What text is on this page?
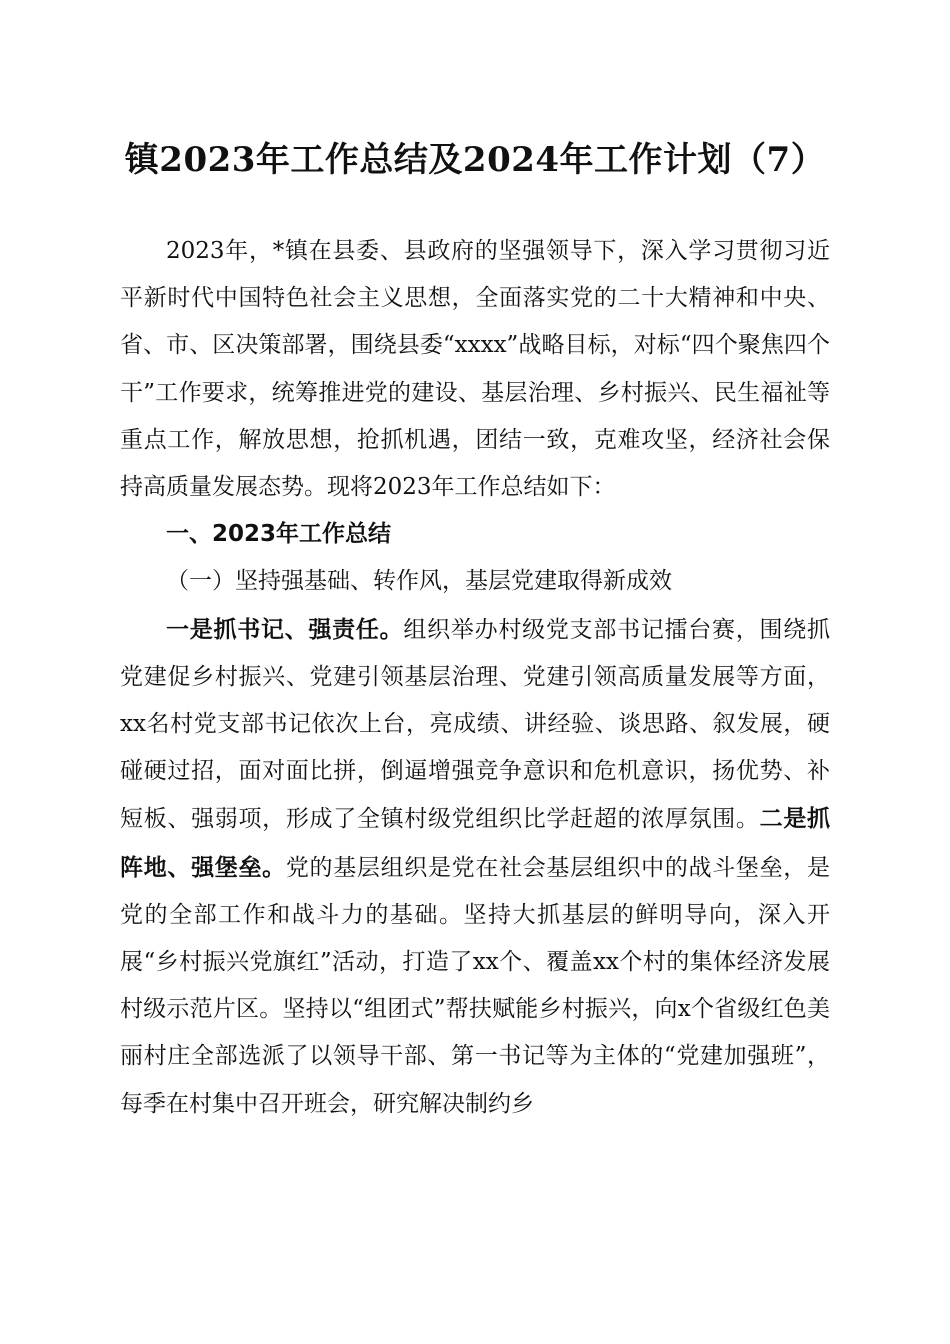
镇2023年工作总结及2024年工作计划（7）

2023年，*镇在县委、县政府的坚强领导下，深入学习贯彻习近平新时代中国特色社会主义思想，全面落实党的二十大精神和中央、省、市、区决策部署，围绕县委“xxxx”战略目标，对标“四个聚焦四个干”工作要求，统筹推进党的建设、基层治理、乡村振兴、民生福祉等重点工作，解放思想，抢抓机遇，团结一致，克难攻坚，经济社会保持高质量发展态势。现将2023年工作总结如下：

一、2023年工作总结

（一）坚持强基础、转作风，基层党建取得新成效

一是抓书记、强责任。组织举办村级党支部书记擂台赛，围绕抓党建促乡村振兴、党建引领基层治理、党建引领高质量发展等方面，xx名村党支部书记依次上台，亮成绩、讲经验、谈思路、叙发展，硬碰硬过招，面对面比拼，倒逼增强竞争意识和危机意识，扬优势、补短板、强弱项，形成了全镇村级党组织比学赶超的浓厚氛围。二是抓阵地、强堡垒。党的基层组织是党在社会基层组织中的战斗堡垒，是党的全部工作和战斗力的基础。坚持大抓基层的鲜明导向，深入开展“乡村振兴党旗红”活动，打造了xx个、覆盖xx个村的集体经济发展村级示范片区。坚持以“组团式”帮扶赋能乡村振兴，向x个省级红色美丽村庄全部选派了以领导干部、第一书记等为主体的“党建加强班”，每季在村集中召开班会，研究解决制约乡
